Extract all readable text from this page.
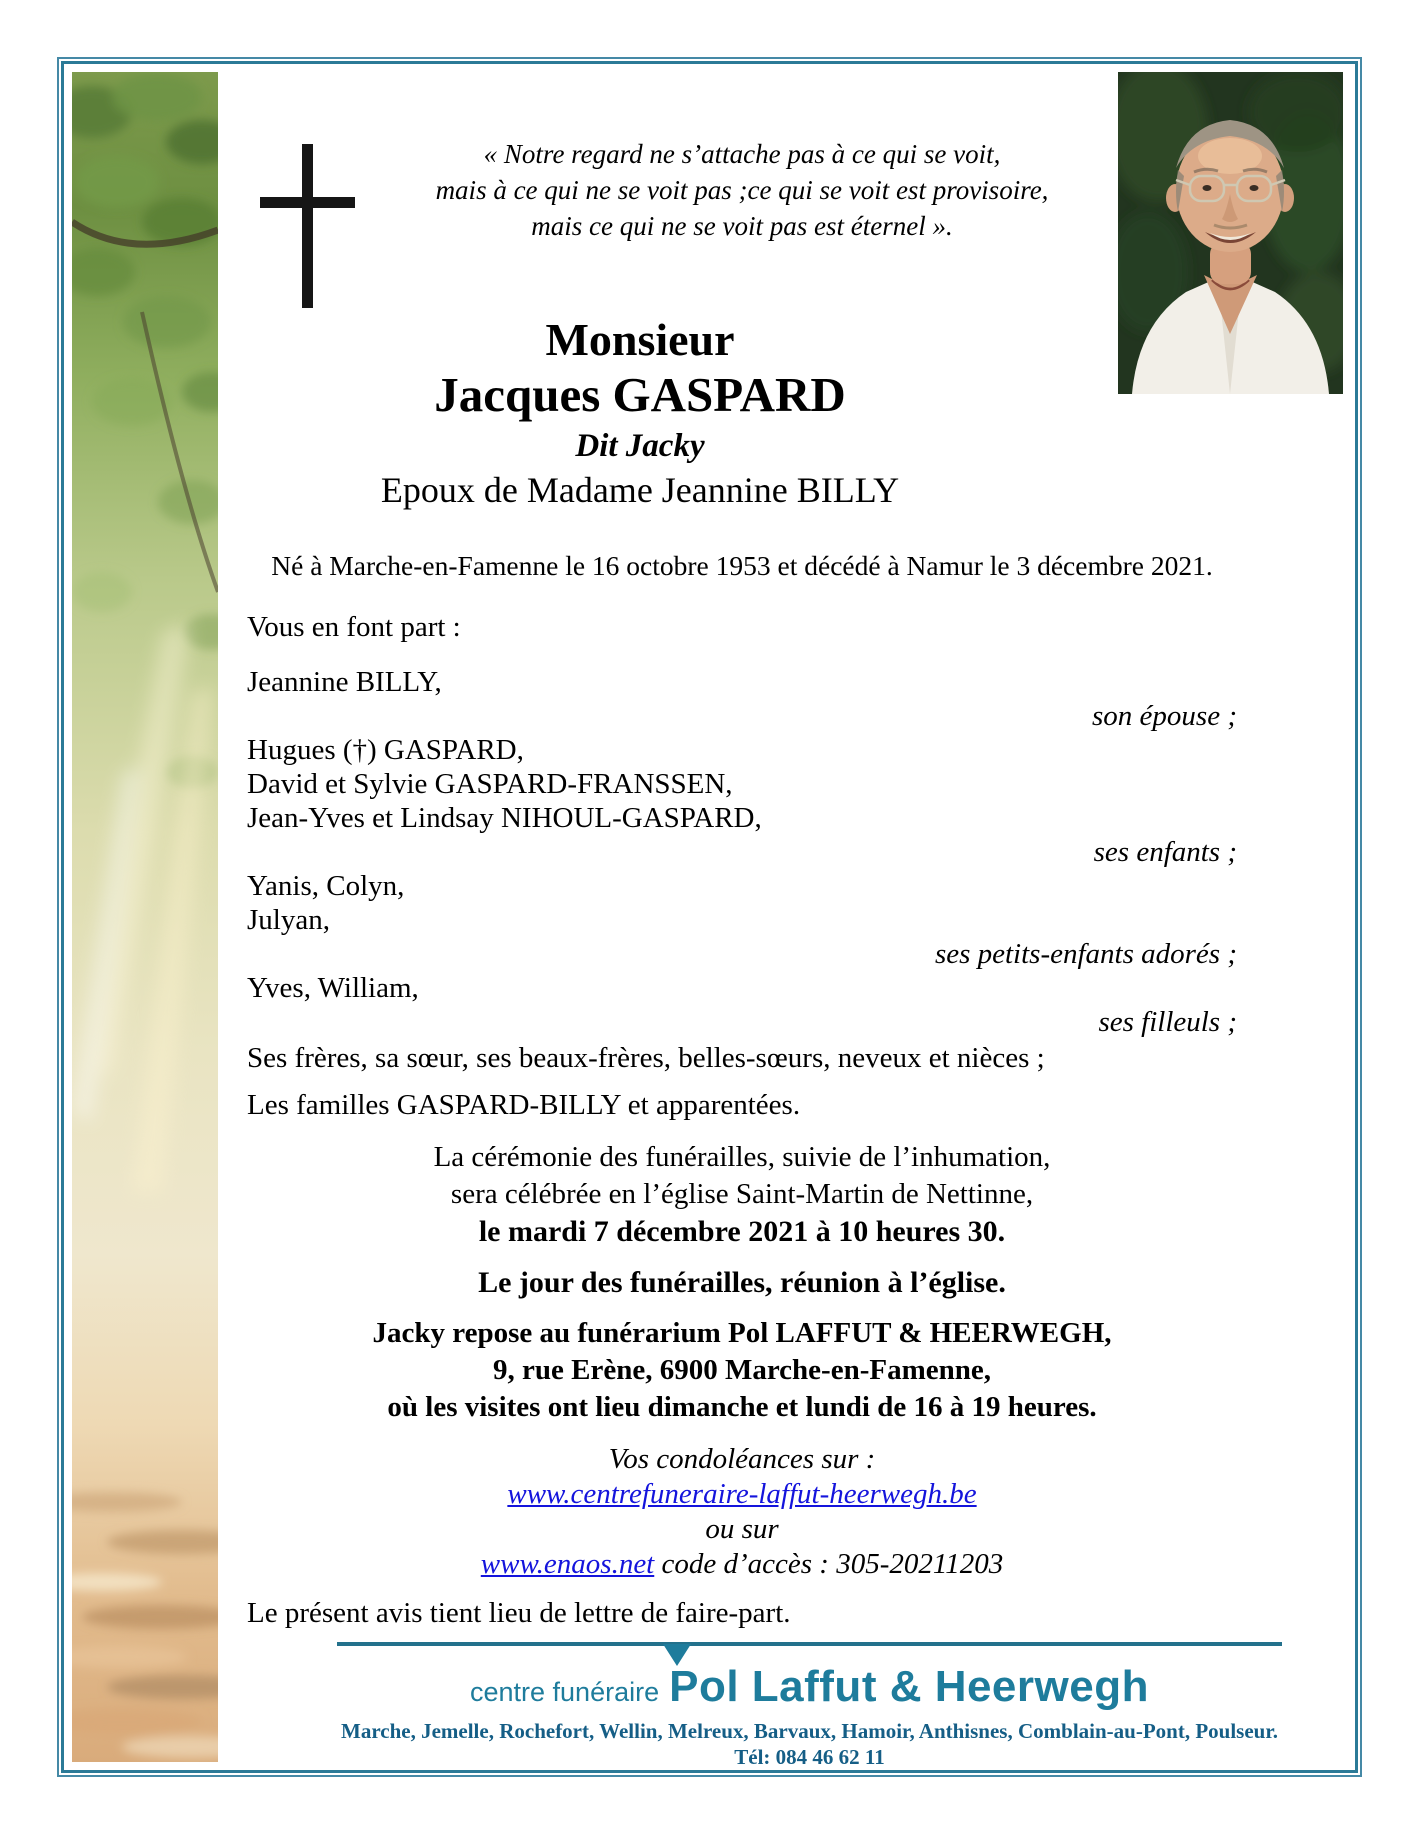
« Notre regard ne s’attache pas à ce qui se voit,
mais à ce qui ne se voit pas ;ce qui se voit est provisoire,
mais ce qui ne se voit pas est éternel ».
Monsieur
Jacques GASPARD
Dit Jacky
Epoux de Madame Jeannine BILLY
Né à Marche-en-Famenne le 16 octobre 1953 et décédé à Namur le 3 décembre 2021.
Vous en font part :

Jeannine BILLY,

son épouse ;

Hugues (†) GASPARD,

David et Sylvie GASPARD-FRANSSEN,

Jean-Yves et Lindsay NIHOUL-GASPARD,

ses enfants ;

Yanis, Colyn,

Julyan,

ses petits-enfants adorés ;

Yves, William,

ses filleuls ;

Ses frères, sa sœur, ses beaux-frères, belles-sœurs, neveux et nièces ;
Les familles GASPARD-BILLY et apparentées.
La cérémonie des funérailles, suivie de l’inhumation,
sera célébrée en l’église Saint-Martin de Nettinne,
le mardi 7 décembre 2021 à 10 heures 30.
Le jour des funérailles, réunion à l’église.
Jacky repose au funérarium Pol LAFFUT & HEERWEGH,
9, rue Erène, 6900 Marche-en-Famenne,
où les visites ont lieu dimanche et lundi de 16 à 19 heures.
Vos condoléances sur :
www.centrefuneraire-laffut-heerwegh.be
ou sur
www.enaos.net code d’accès : 305-20211203
Le présent avis tient lieu de lettre de faire-part.
centre funéraire Pol Laffut & Heerwegh
Marche, Jemelle, Rochefort, Wellin, Melreux, Barvaux, Hamoir, Anthisnes, Comblain-au-Pont, Poulseur.
Tél: 084 46 62 11
